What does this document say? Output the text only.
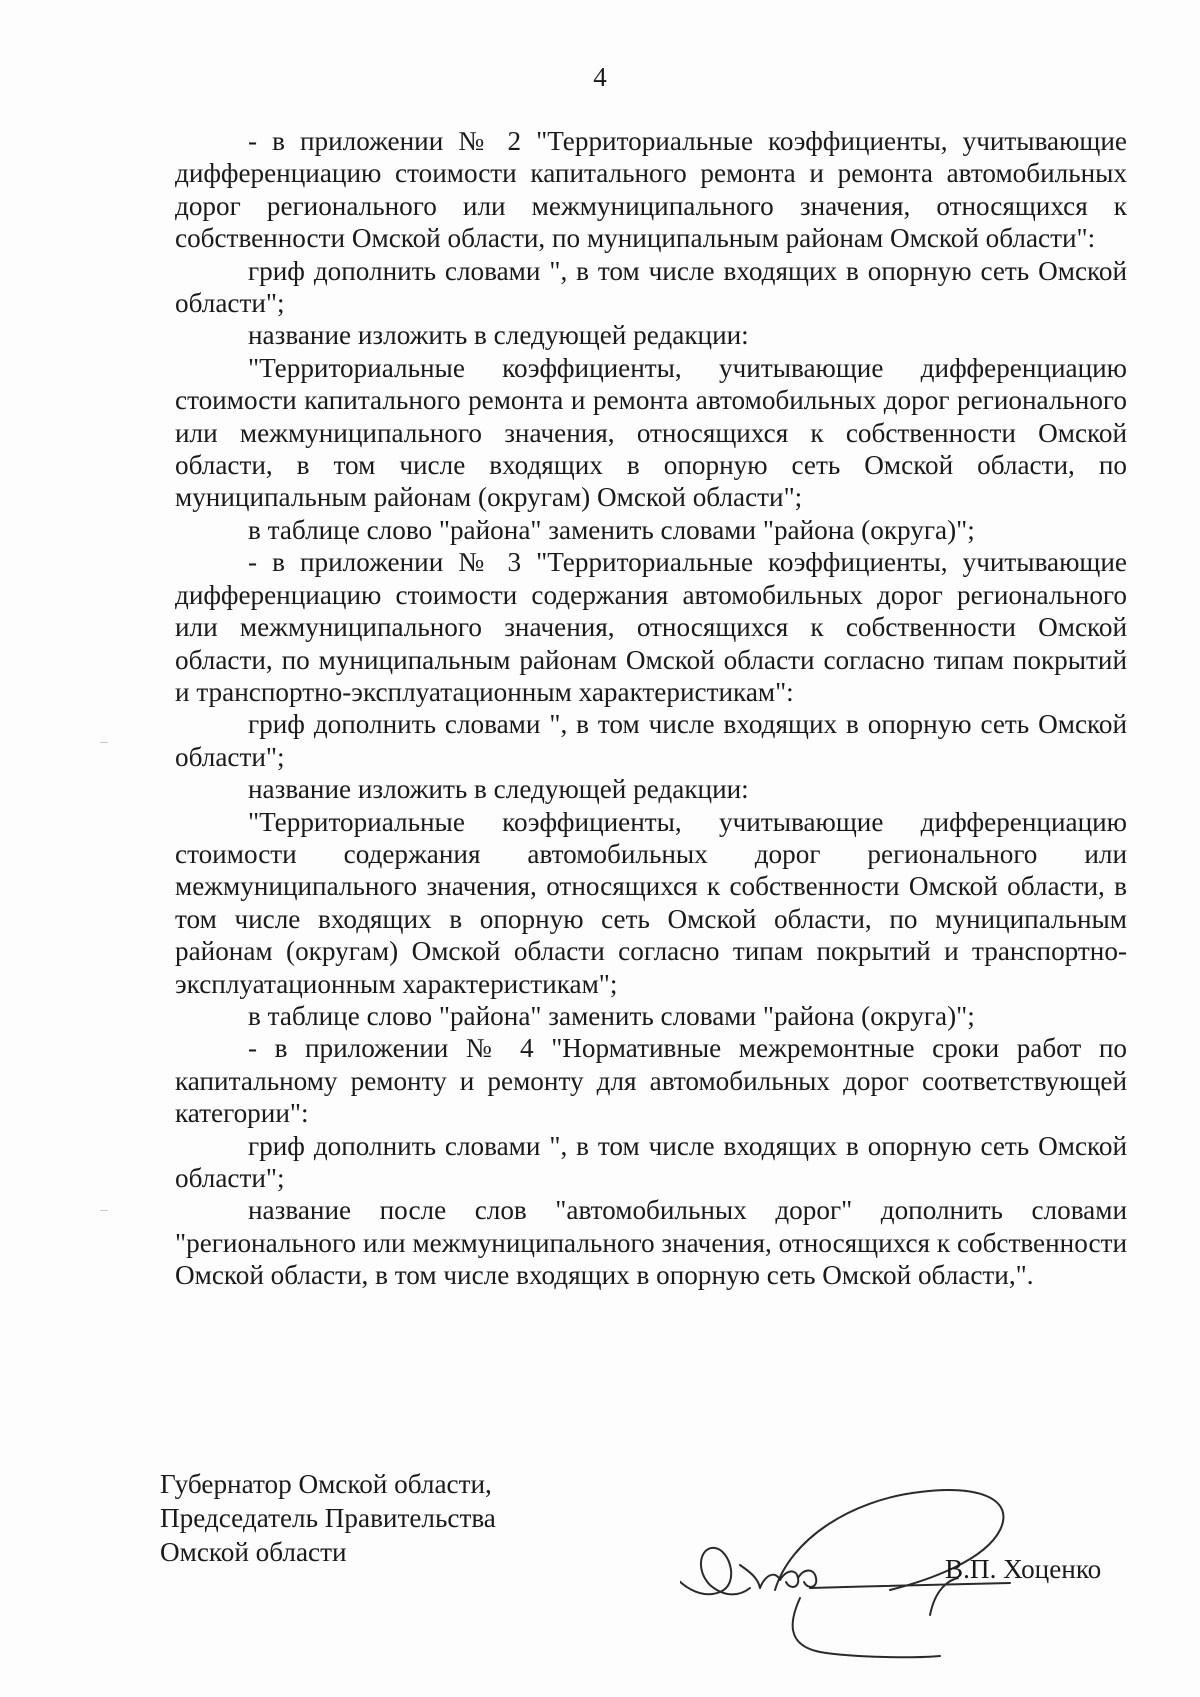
4

- в приложении № 2 "Территориальные коэффициенты, учитывающие дифференциацию стоимости капитального ремонта и ремонта автомобильных дорог регионального или межмуниципального значения, относящихся к собственности Омской области, по муниципальным районам Омской области":

гриф дополнить словами ", в том числе входящих в опорную сеть Омской области";

название изложить в следующей редакции:

"Территориальные коэффициенты, учитывающие дифференциацию стоимости капитального ремонта и ремонта автомобильных дорог регионального или межмуниципального значения, относящихся к собственности Омской области, в том числе входящих в опорную сеть Омской области, по муниципальным районам (округам) Омской области";

в таблице слово "района" заменить словами "района (округа)";

- в приложении № 3 "Территориальные коэффициенты, учитывающие дифференциацию стоимости содержания автомобильных дорог регионального или межмуниципального значения, относящихся к собственности Омской области, по муниципальным районам Омской области согласно типам покрытий и транспортно-эксплуатационным характеристикам":

гриф дополнить словами ", в том числе входящих в опорную сеть Омской области";

название изложить в следующей редакции:

"Территориальные коэффициенты, учитывающие дифференциацию стоимости содержания автомобильных дорог регионального или межмуниципального значения, относящихся к собственности Омской области, в том числе входящих в опорную сеть Омской области, по муниципальным районам (округам) Омской области согласно типам покрытий и транспортно-эксплуатационным характеристикам";

в таблице слово "района" заменить словами "района (округа)";

- в приложении № 4 "Нормативные межремонтные сроки работ по капитальному ремонту и ремонту для автомобильных дорог соответствующей категории":

гриф дополнить словами ", в том числе входящих в опорную сеть Омской области";

название после слов "автомобильных дорог" дополнить словами "регионального или межмуниципального значения, относящихся к собственности Омской области, в том числе входящих в опорную сеть Омской области,".

Губернатор Омской области,
Председатель Правительства
Омской области
В.П. Хоценко
